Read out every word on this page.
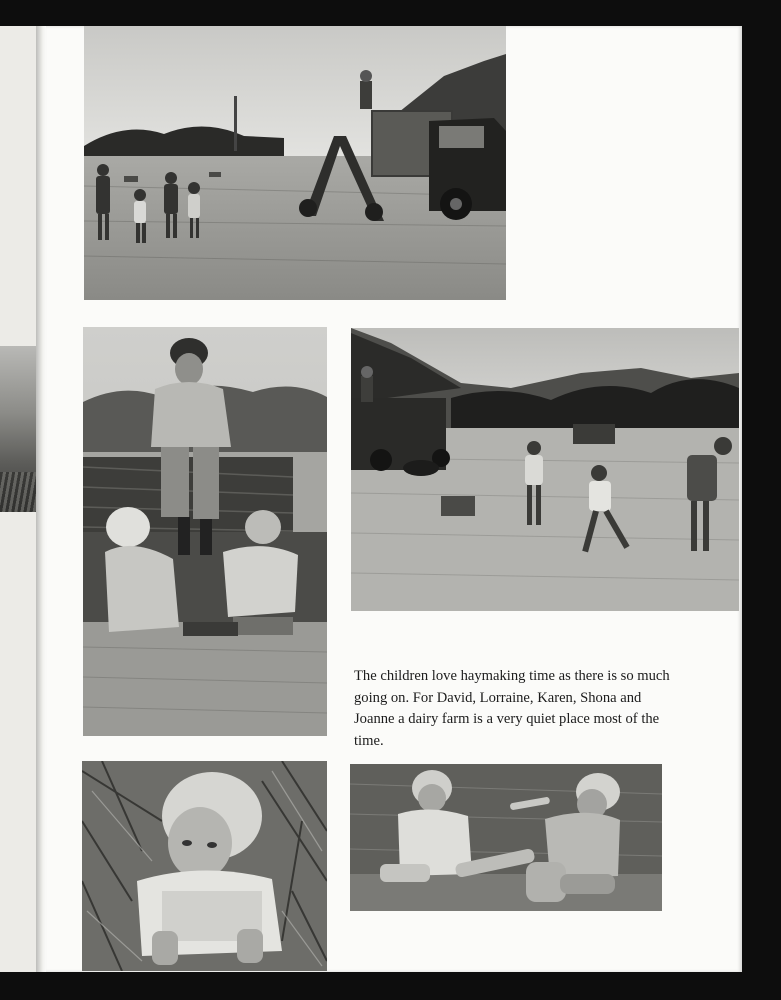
The children love haymaking time as there is so much going on. For David, Lorraine, Karen, Shona and Joanne a dairy farm is a very quiet place most of the time.
